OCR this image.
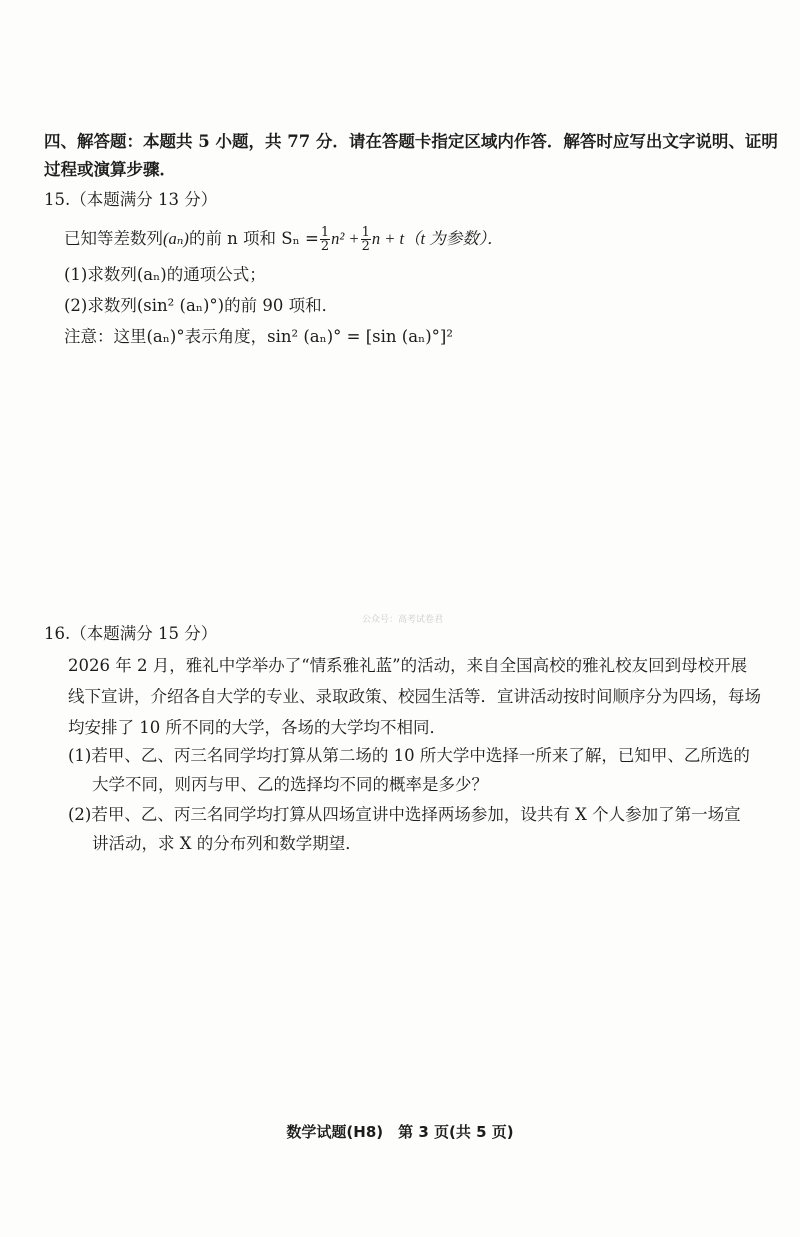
四、解答题：本题共 5 小题，共 77 分．请在答题卡指定区域内作答．解答时应写出文字说明、证明
过程或演算步骤．
15.（本题满分 13 分）
已知等差数列(aₙ)的前 n 项和 $S_n = \frac{1}{2} n^2 + \frac{1}{2}$ n + t（t 为参数）．
(1)求数列(aₙ)的通项公式；
(2)求数列(sin² (aₙ)°)的前 90 项和．
注意：这里(aₙ)°表示角度，sin² (aₙ)° = [sin (aₙ)°]²
公众号：高考试卷君
16.（本题满分 15 分）
2026 年 2 月，雅礼中学举办了“情系雅礼蓝”的活动，来自全国高校的雅礼校友回到母校开展
线下宣讲，介绍各自大学的专业、录取政策、校园生活等．宣讲活动按时间顺序分为四场，每场
均安排了 10 所不同的大学，各场的大学均不相同．
(1)若甲、乙、丙三名同学均打算从第二场的 10 所大学中选择一所来了解，已知甲、乙所选的
大学不同，则丙与甲、乙的选择均不同的概率是多少？
(2)若甲、乙、丙三名同学均打算从四场宣讲中选择两场参加，设共有 X 个人参加了第一场宣
讲活动，求 X 的分布列和数学期望．
数学试题(H8)　第 3 页(共 5 页)
